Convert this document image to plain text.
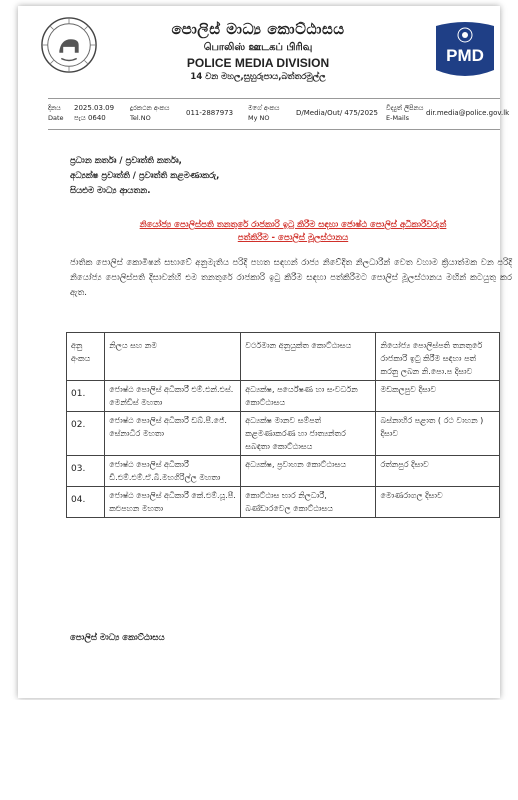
PMD
පොලිස් මාධ්‍ය කොට්ඨාසය
பொலிஸ் ஊடகப் பிரிவு
POLICE MEDIA DIVISION
14 වන මහල,සුහුරුපාය,බත්තරමුල්ල
දිනය
Date
2025.03.09
පැය 0640
දුරකථන අංකය
Tel.NO
011-2887973
මගේ අංකය
My NO
D/Media/Out/ 475/2025
විද්‍යුත් ලිපිනය
E-Mails
dir.media@police.gov.lk
ප්‍රධාන කර්තෘ / ප්‍රවෘත්ති කර්තෘ,
අධ්‍යක්ෂ ප්‍රවෘත්ති / ප්‍රවෘත්ති කළමණාකරු,
සියළුම මාධ්‍ය ආයතන.
නියෝජ්‍ය පොලිස්පති තනතුරේ රාජකාරි ඉටු කිරීම සඳහා ජොෂ්ඨ පොලිස් අධිකාරීවරුන්
පත්කිරීම - පොලිස් මූලස්ථානය
ජාතික පොලිස් කොමිෂන් සභාවේ අනුමැතිය පරිදි පහත සඳහන් රාජ්‍ය නිවේදිත නිලධාරීන් වෙත වහාම ක්‍රියාත්මක වන පරිදි නියෝජ්‍ය පොලිස්පති දිසාවන්හි එම තනතුරේ රාජකාරි ඉටු කිරීම සඳහා පත්කිරීමට පොලිස් මූලස්ථානය මඟින් කටයුතු කර ඇත.
අනු අංකය	නිලය සහ නම	වර්ථමාන අනුයුක්ත කොට්ඨාසය	නියෝජ්‍ය පොලිස්පති තනතුරේ රාජකාරි ඉටු කිරීම සඳහා පත් කරනු ලබන නි.පො.ප දිසාව
01.	ජොෂ්ඨ පොලිස් අධිකාරී එම්.එන්.එස්. මෙන්ඩිස් මහතා	අධ්‍යක්ෂ, පර්යේෂණ හා සංවර්ධන කොට්ඨාසය	මඩකලපුව දිසාව
02.	ජොෂ්ඨ පොලිස් අධිකාරී ඩබ්.පී.ජේ. සේනාධීර මහතා	අධ්‍යක්ෂ මානව සම්පත් කළමණාකරණ හා ජාත්‍යන්තර සබඳතා කොට්ඨාසය	බස්නාහිර පළාත ( රථ වාහන ) දිසාව
03.	ජොෂ්ඨ පොලිස් අධිකාරී ඩී.එම්.එම්.ඒ.බී.මහගිරිල්ල මහතා	අධ්‍යක්ෂ, ප්‍රවාහන කොට්ඨාසය	රත්නපුර දිසාව
04.	ජොෂ්ඨ පොලිස් අධිකාරී කේ.එම්.යූ.පී. කළුපහන මහතා	කොට්ඨාස භාර නිලධාරී, බණ්ඩාරවෙල කොට්ඨාසය	මොණරාගල දිසාව
පොලිස් මාධ්‍ය කොට්ඨාසය
